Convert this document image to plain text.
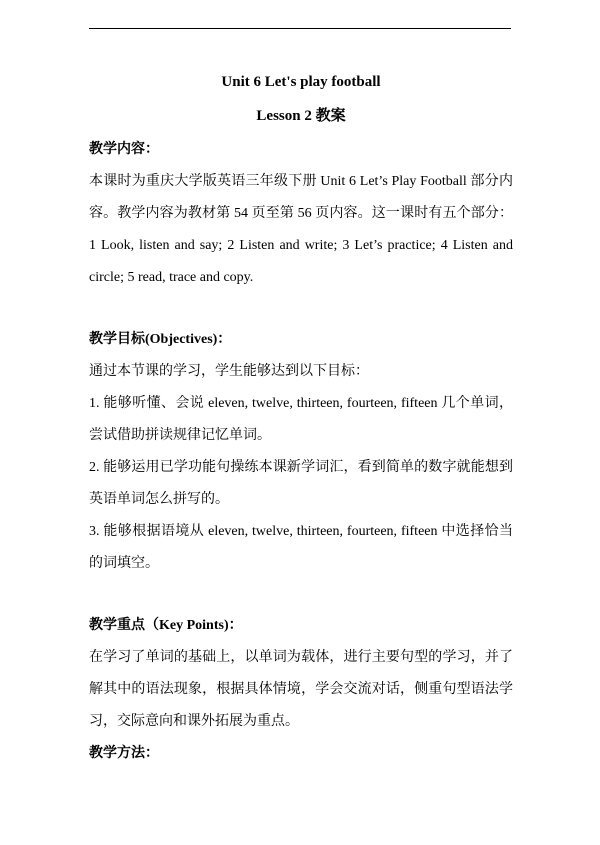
Unit 6 Let's play football
Lesson 2 教案

教学内容：

本课时为重庆大学版英语三年级下册 Unit 6 Let’s Play Football 部分内容。教学内容为教材第 54 页至第 56 页内容。这一课时有五个部分：1 Look, listen and say; 2 Listen and write; 3 Let’s practice; 4 Listen and circle; 5 read, trace and copy.

教学目标(Objectives)：

通过本节课的学习，学生能够达到以下目标：

1. 能够听懂、会说 eleven, twelve, thirteen, fourteen, fifteen 几个单词，尝试借助拼读规律记忆单词。

2. 能够运用已学功能句操练本课新学词汇，看到简单的数字就能想到英语单词怎么拼写的。

3. 能够根据语境从 eleven, twelve, thirteen, fourteen, fifteen 中选择恰当的词填空。

教学重点（Key Points)：

在学习了单词的基础上，以单词为载体，进行主要句型的学习，并了解其中的语法现象，根据具体情境，学会交流对话，侧重句型语法学习，交际意向和课外拓展为重点。

教学方法：
